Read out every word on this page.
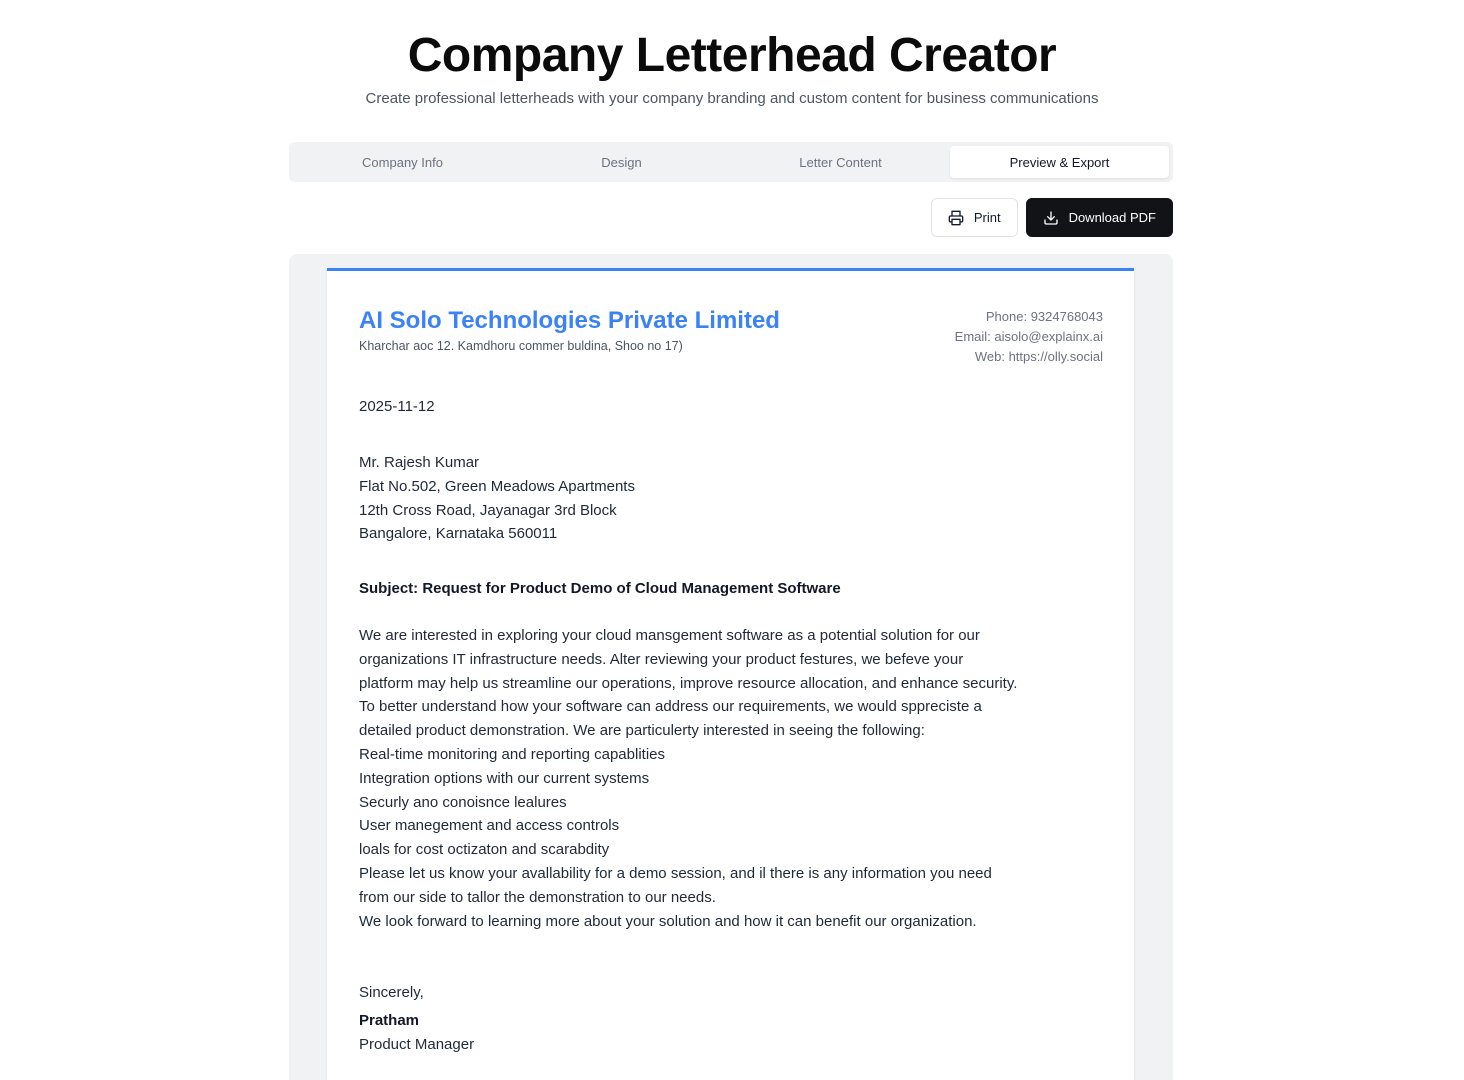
Company Letterhead Creator

Create professional letterheads with your company branding and custom content for business communications

Company Info	Design	Letter Content	Preview & Export
Print	Download PDF
AI Solo Technologies Private Limited
Kharchar aoc 12. Kamdhoru commer buldina, Shoo no 17)
Phone: 9324768043
Email: aisolo@explainx.ai
Web: https://olly.social
2025-11-12
Mr. Rajesh Kumar
Flat No.502, Green Meadows Apartments
12th Cross Road, Jayanagar 3rd Block
Bangalore, Karnataka 560011
Subject: Request for Product Demo of Cloud Management Software
We are interested in exploring your cloud mansgement software as a potential solution for our
organizations IT infrastructure needs. Alter reviewing your product festures, we befeve your
platform may help us streamline our operations, improve resource allocation, and enhance security.
To better understand how your software can address our requirements, we would sppreciste a
detailed product demonstration. We are particulerty interested in seeing the following:
Real-time monitoring and reporting capablities
Integration options with our current systems
Securly ano conoisnce lealures
User manegement and access controls
loals for cost octizaton and scarabdity
Please let us know your avallability for a demo session, and il there is any information you need
from our side to tallor the demonstration to our needs.
We look forward to learning more about your solution and how it can benefit our organization.
Sincerely,
Pratham
Product Manager
